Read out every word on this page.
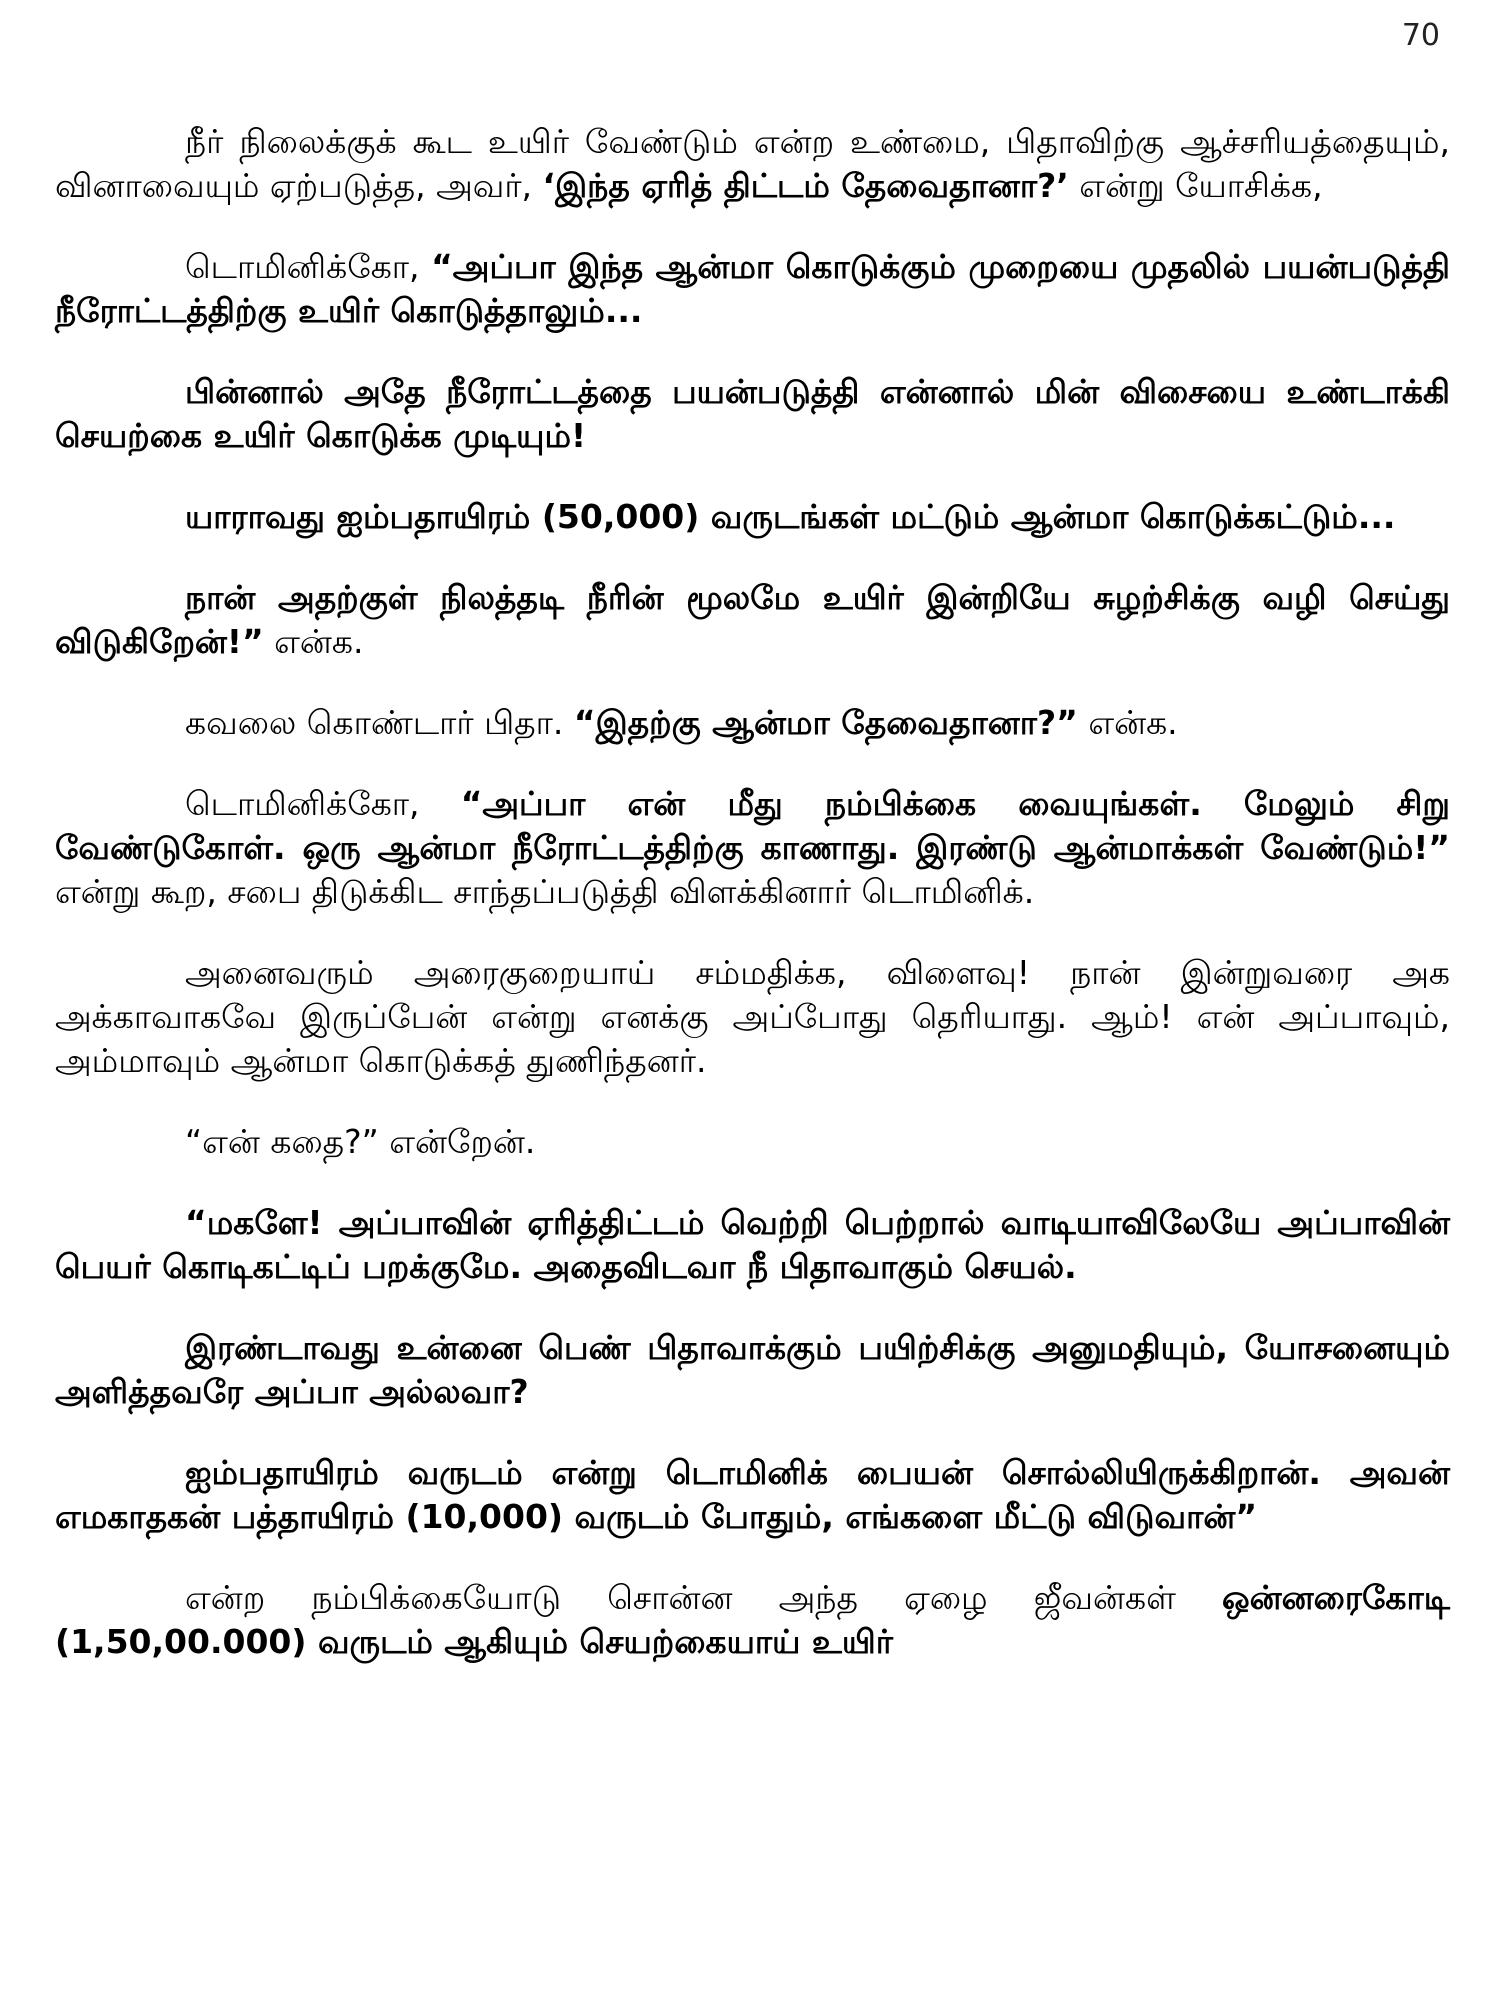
70

நீர் நிலைக்குக் கூட உயிர் வேண்டும் என்ற உண்மை, பிதாவிற்கு ஆச்சரியத்தையும், வினாவையும் ஏற்படுத்த, அவர், ‘இந்த ஏரித் திட்டம் தேவைதானா?’ என்று யோசிக்க,

டொமினிக்கோ, “அப்பா இந்த ஆன்மா கொடுக்கும் முறையை முதலில் பயன்படுத்தி நீரோட்டத்திற்கு உயிர் கொடுத்தாலும்...

பின்னால் அதே நீரோட்டத்தை பயன்படுத்தி என்னால் மின் விசையை உண்டாக்கி செயற்கை உயிர் கொடுக்க முடியும்!

யாராவது ஐம்பதாயிரம் (50,000) வருடங்கள் மட்டும் ஆன்மா கொடுக்கட்டும்...

நான் அதற்குள் நிலத்தடி நீரின் மூலமே உயிர் இன்றியே சுழற்சிக்கு வழி செய்து விடுகிறேன்!” என்க.

கவலை கொண்டார் பிதா. “இதற்கு ஆன்மா தேவைதானா?” என்க.

டொமினிக்கோ, “அப்பா என் மீது நம்பிக்கை வையுங்கள். மேலும் சிறு வேண்டுகோள். ஒரு ஆன்மா நீரோட்டத்திற்கு காணாது. இரண்டு ஆன்மாக்கள் வேண்டும்!” என்று கூற, சபை திடுக்கிட சாந்தப்படுத்தி விளக்கினார் டொமினிக்.

அனைவரும் அரைகுறையாய் சம்மதிக்க, விளைவு! நான் இன்றுவரை அக அக்காவாகவே இருப்பேன் என்று எனக்கு அப்போது தெரியாது. ஆம்! என் அப்பாவும், அம்மாவும் ஆன்மா கொடுக்கத் துணிந்தனர்.

“என் கதை?” என்றேன்.

“மகளே! அப்பாவின் ஏரித்திட்டம் வெற்றி பெற்றால் வாடியாவிலேயே அப்பாவின் பெயர் கொடிகட்டிப் பறக்குமே. அதைவிடவா நீ பிதாவாகும் செயல்.

இரண்டாவது உன்னை பெண் பிதாவாக்கும் பயிற்சிக்கு அனுமதியும், யோசனையும் அளித்தவரே அப்பா அல்லவா?

ஐம்பதாயிரம் வருடம் என்று டொமினிக் பையன் சொல்லியிருக்கிறான். அவன் எமகாதகன் பத்தாயிரம் (10,000) வருடம் போதும், எங்களை மீட்டு விடுவான்”

என்ற நம்பிக்கையோடு சொன்ன அந்த ஏழை ஜீவன்கள் ஒன்னரைகோடி (1,50,00.000) வருடம் ஆகியும் செயற்கையாய் உயிர்
